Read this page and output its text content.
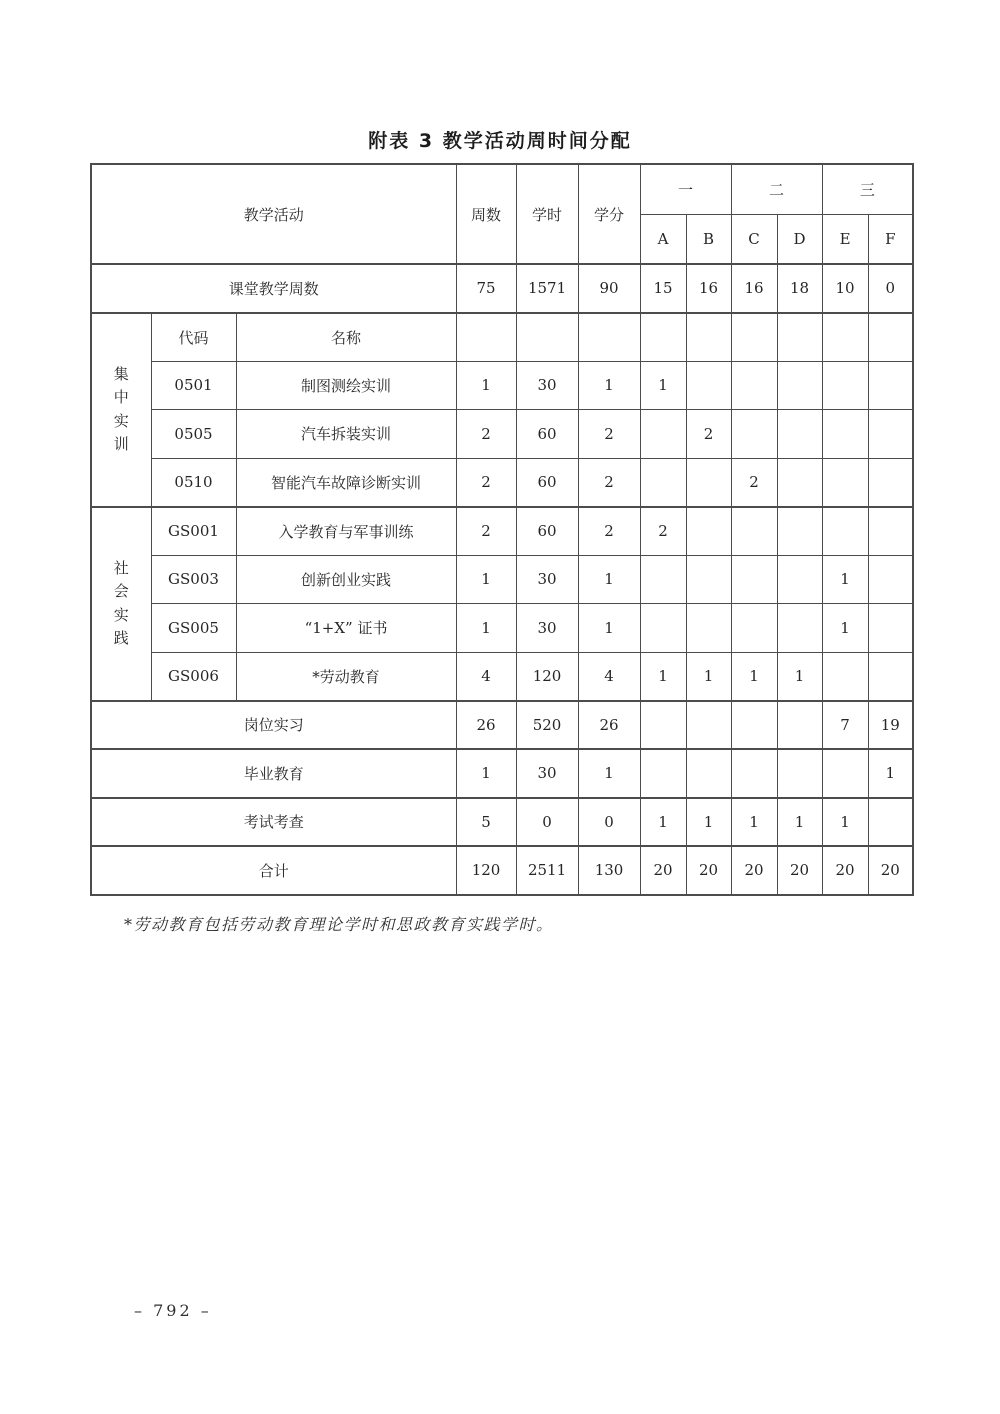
附表 3 教学活动周时间分配
教学活动			周数	学时	学分	一		二		三	
						A	B	C	D	E	F
课堂教学周数			75	1571	90	15	16	16	18	10	0
集中实训	代码	名称									
	0501	制图测绘实训	1	30	1	1					
	0505	汽车拆装实训	2	60	2		2				
	0510	智能汽车故障诊断实训	2	60	2			2			
社会实践	GS001	入学教育与军事训练	2	60	2	2					
	GS003	创新创业实践	1	30	1					1	
	GS005	“1+X” 证书	1	30	1					1	
	GS006	*劳动教育	4	120	4	1	1	1	1		
岗位实习			26	520	26					7	19
毕业教育			1	30	1						1
考试考查			5	0	0	1	1	1	1	1	
合计			120	2511	130	20	20	20	20	20	20

*劳动教育包括劳动教育理论学时和思政教育实践学时。

– 792 –
